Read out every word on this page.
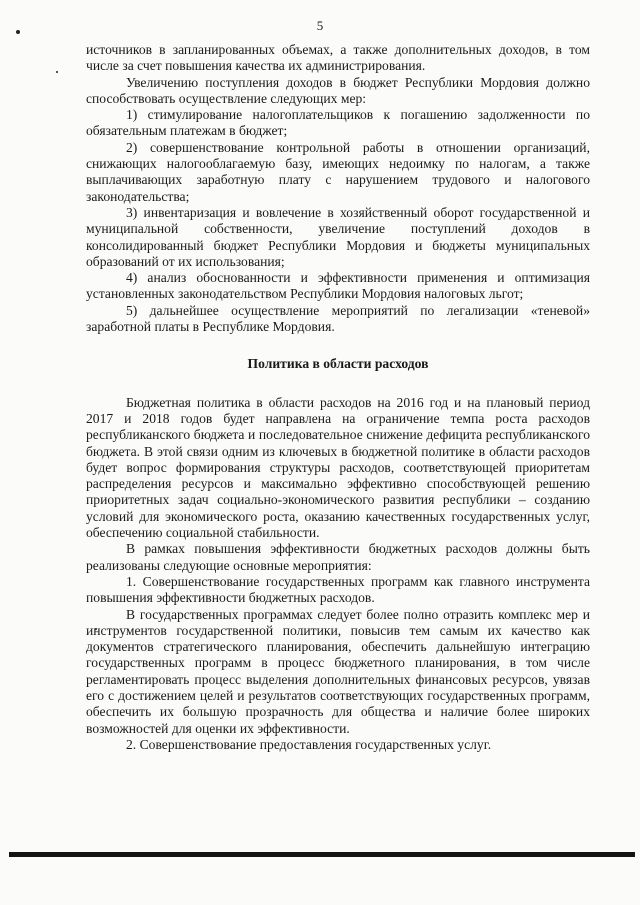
5

источников в запланированных объемах, а также дополнительных доходов, в том числе за счет повышения качества их администрирования.

Увеличению поступления доходов в бюджет Республики Мордовия должно способствовать осуществление следующих мер:

1) стимулирование налогоплательщиков к погашению задолженности по обязательным платежам в бюджет;

2) совершенствование контрольной работы в отношении организаций, снижающих налогооблагаемую базу, имеющих недоимку по налогам, а также выплачивающих заработную плату с нарушением трудового и налогового законодательства;

3) инвентаризация и вовлечение в хозяйственный оборот государственной и муниципальной собственности, увеличение поступлений доходов в консолидированный бюджет Республики Мордовия и бюджеты муниципальных образований от их использования;

4) анализ обоснованности и эффективности применения и оптимизация установленных законодательством Республики Мордовия налоговых льгот;

5) дальнейшее осуществление мероприятий по легализации «теневой» заработной платы в Республике Мордовия.

Политика в области расходов

Бюджетная политика в области расходов на 2016 год и на плановый период 2017 и 2018 годов будет направлена на ограничение темпа роста расходов республиканского бюджета и последовательное снижение дефицита республиканского бюджета. В этой связи одним из ключевых в бюджетной политике в области расходов будет вопрос формирования структуры расходов, соответствующей приоритетам распределения ресурсов и максимально эффективно способствующей решению приоритетных задач социально-экономического развития республики – созданию условий для экономического роста, оказанию качественных государственных услуг, обеспечению социальной стабильности.

В рамках повышения эффективности бюджетных расходов должны быть реализованы следующие основные мероприятия:

1. Совершенствование государственных программ как главного инструмента повышения эффективности бюджетных расходов.

В государственных программах следует более полно отразить комплекс мер и инструментов государственной политики, повысив тем самым их качество как документов стратегического планирования, обеспечить дальнейшую интеграцию государственных программ в процесс бюджетного планирования, в том числе регламентировать процесс выделения дополнительных финансовых ресурсов, увязав его с достижением целей и результатов соответствующих государственных программ, обеспечить их большую прозрачность для общества и наличие более широких возможностей для оценки их эффективности.

2. Совершенствование предоставления государственных услуг.
